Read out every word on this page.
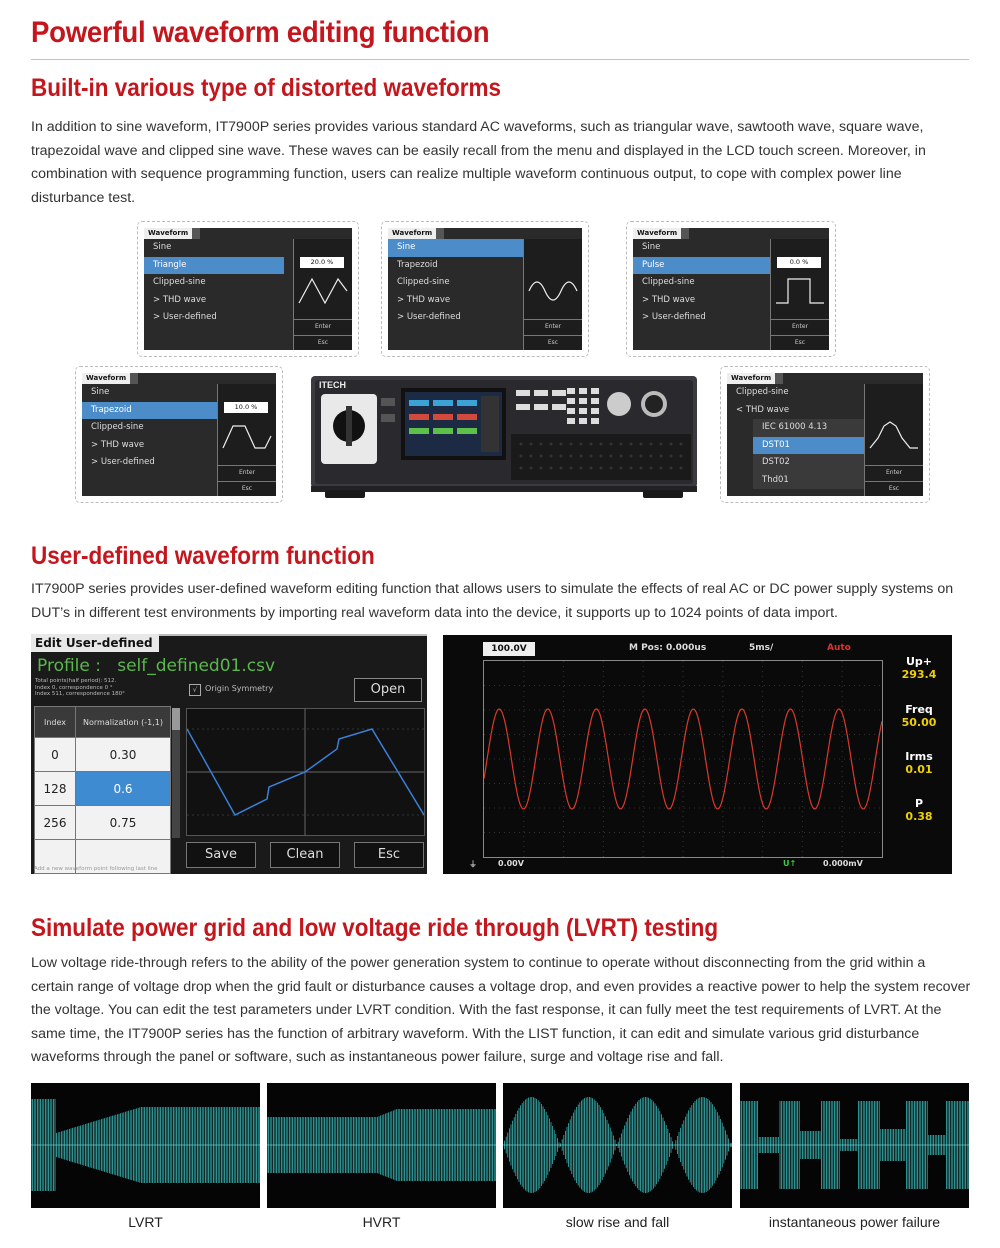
Powerful waveform editing function
Built-in various type of distorted waveforms
In addition to sine waveform, IT7900P series provides various standard AC waveforms, such as triangular wave, sawtooth wave, square wave, trapezoidal wave and clipped sine wave. These waves can be easily recall from the menu and displayed in the LCD touch screen. Moreover, in combination with sequence programming function, users can realize multiple waveform continuous output, to cope with complex power line disturbance test.
Waveform
Sine
Triangle
Clipped-sine
> THD wave
> User-defined
20.0 %
Enter
Esc
Waveform
Sine
Trapezoid
Clipped-sine
> THD wave
> User-defined
Enter
Esc
Waveform
Sine
Pulse
Clipped-sine
> THD wave
> User-defined
0.0 %
Enter
Esc
Waveform
Sine
Trapezoid
Clipped-sine
> THD wave
> User-defined
10.0 %
Enter
Esc
Waveform
Clipped-sine
< THD wave
IEC 61000 4.13
DST01
DST02
Thd01
Enter
Esc
ITECH
User-defined waveform function
IT7900P series provides user-defined waveform editing function that allows users to simulate the effects of real AC or DC power supply systems on DUT’s in different test environments by importing real waveform data into the device, it supports up to 1024 points of data import.
Edit User-defined
Profile : self_defined01.csv
Total points(half period): 512.
Index 0, correspondence 0 °
Index 511, correspondence 180°	√ Origin Symmetry	Open
Index	Normalization (-1,1)
0	0.30
128	0.6
256	0.75

Save	Clean	Esc
Add a new waveform point following last line
100.0V	M Pos: 0.000us	5ms/	Auto
Up+
293.4
Freq
50.00
Irms
0.01
P
0.38
⏚	0.00V	U↑	0.000mV
Simulate power grid and low voltage ride through (LVRT) testing
Low voltage ride-through refers to the ability of the power generation system to continue to operate without disconnecting from the grid within a certain range of voltage drop when the grid fault or disturbance causes a voltage drop, and even provides a reactive power to help the system recover the voltage. You can edit the test parameters under LVRT condition. With the fast response, it can fully meet the test requirements of LVRT. At the same time, the IT7900P series has the function of arbitrary waveform. With the LIST function, it can edit and simulate various grid disturbance waveforms through the panel or software, such as instantaneous power failure, surge and voltage rise and fall.
LVRT	HVRT	slow rise and fall	instantaneous power failure
